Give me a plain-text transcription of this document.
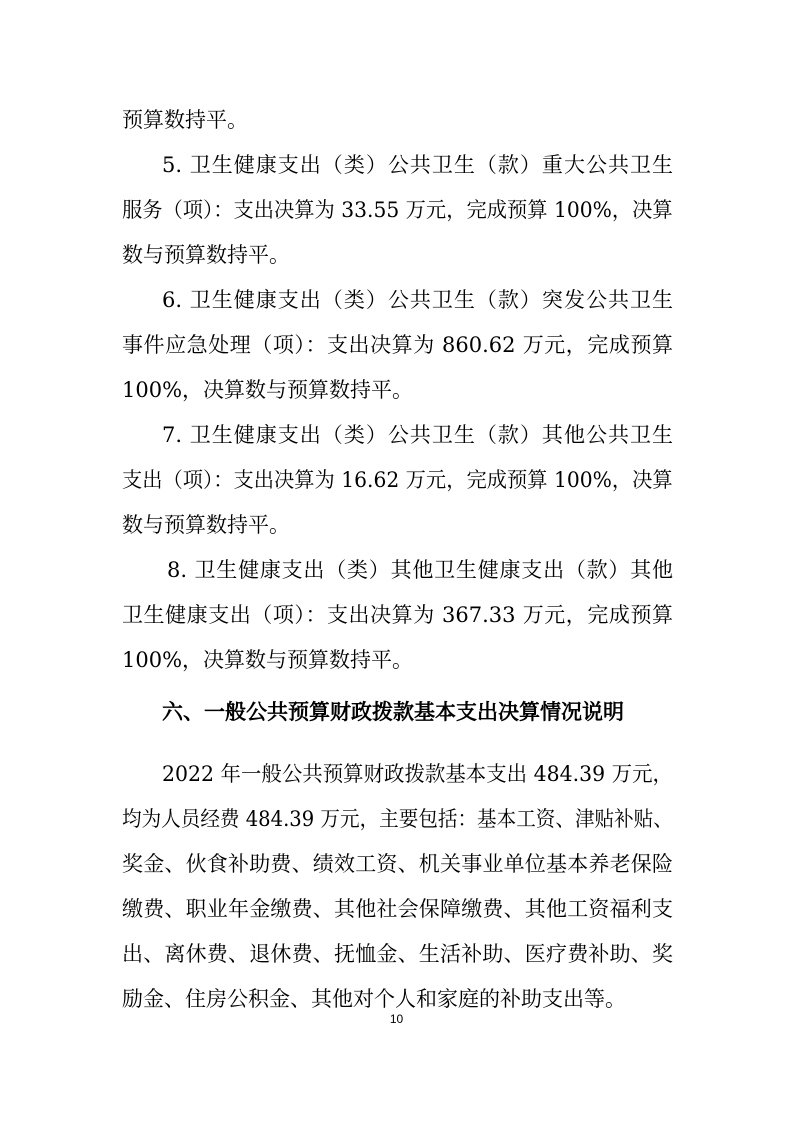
预算数持平。
5. 卫生健康支出（类）公共卫生（款）重大公共卫生
服务（项）：支出决算为 33.55 万元，完成预算 100%，决算
数与预算数持平。
6. 卫生健康支出（类）公共卫生（款）突发公共卫生
事件应急处理（项）：支出决算为 860.62 万元，完成预算
100%，决算数与预算数持平。
7. 卫生健康支出（类）公共卫生（款）其他公共卫生
支出（项）：支出决算为 16.62 万元，完成预算 100%，决算
数与预算数持平。
8. 卫生健康支出（类）其他卫生健康支出（款）其他
卫生健康支出（项）：支出决算为 367.33 万元，完成预算
100%，决算数与预算数持平。
六、一般公共预算财政拨款基本支出决算情况说明
2022 年一般公共预算财政拨款基本支出 484.39 万元，
均为人员经费 484.39 万元，主要包括：基本工资、津贴补贴、
奖金、伙食补助费、绩效工资、机关事业单位基本养老保险
缴费、职业年金缴费、其他社会保障缴费、其他工资福利支
出、离休费、退休费、抚恤金、生活补助、医疗费补助、奖
励金、住房公积金、其他对个人和家庭的补助支出等。
10
